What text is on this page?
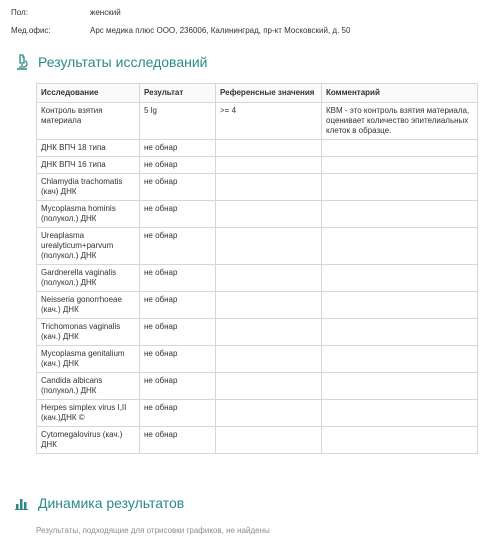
Пол:	женский
Мед.офис:	Арс медика плюс ООО, 236006, Калининград, пр-кт Московский, д. 50
Результаты исследований
Исследование	Результат	Референсные значения	Комментарий
Контроль взятия материала	5 lg	>= 4	КВМ - это контроль взятия материала, оценивает количество эпителиальных клеток в образце.
ДНК ВПЧ 18 типа	не обнар		
ДНК ВПЧ 16 типа	не обнар		
Chlamydia trachomatis (кач) ДНК	не обнар		
Mycoplasma hominis (полукол.) ДНК	не обнар		
Ureaplasma urealyticum+parvum (полукол.) ДНК	не обнар		
Gardnerella vaginalis (полукол.) ДНК	не обнар		
Neisseria gonorrhoeae (кач.) ДНК	не обнар		
Trichomonas vaginalis (кач.) ДНК	не обнар		
Mycoplasma genitalium (кач.) ДНК	не обнар		
Candida albicans (полукол.) ДНК	не обнар		
Herpes simplex virus I,II (кач.)ДНК ©	не обнар		
Cytomegalovirus (кач.) ДНК	не обнар		
Динамика результатов
Результаты, подходящие для отрисовки графиков, не найдены
